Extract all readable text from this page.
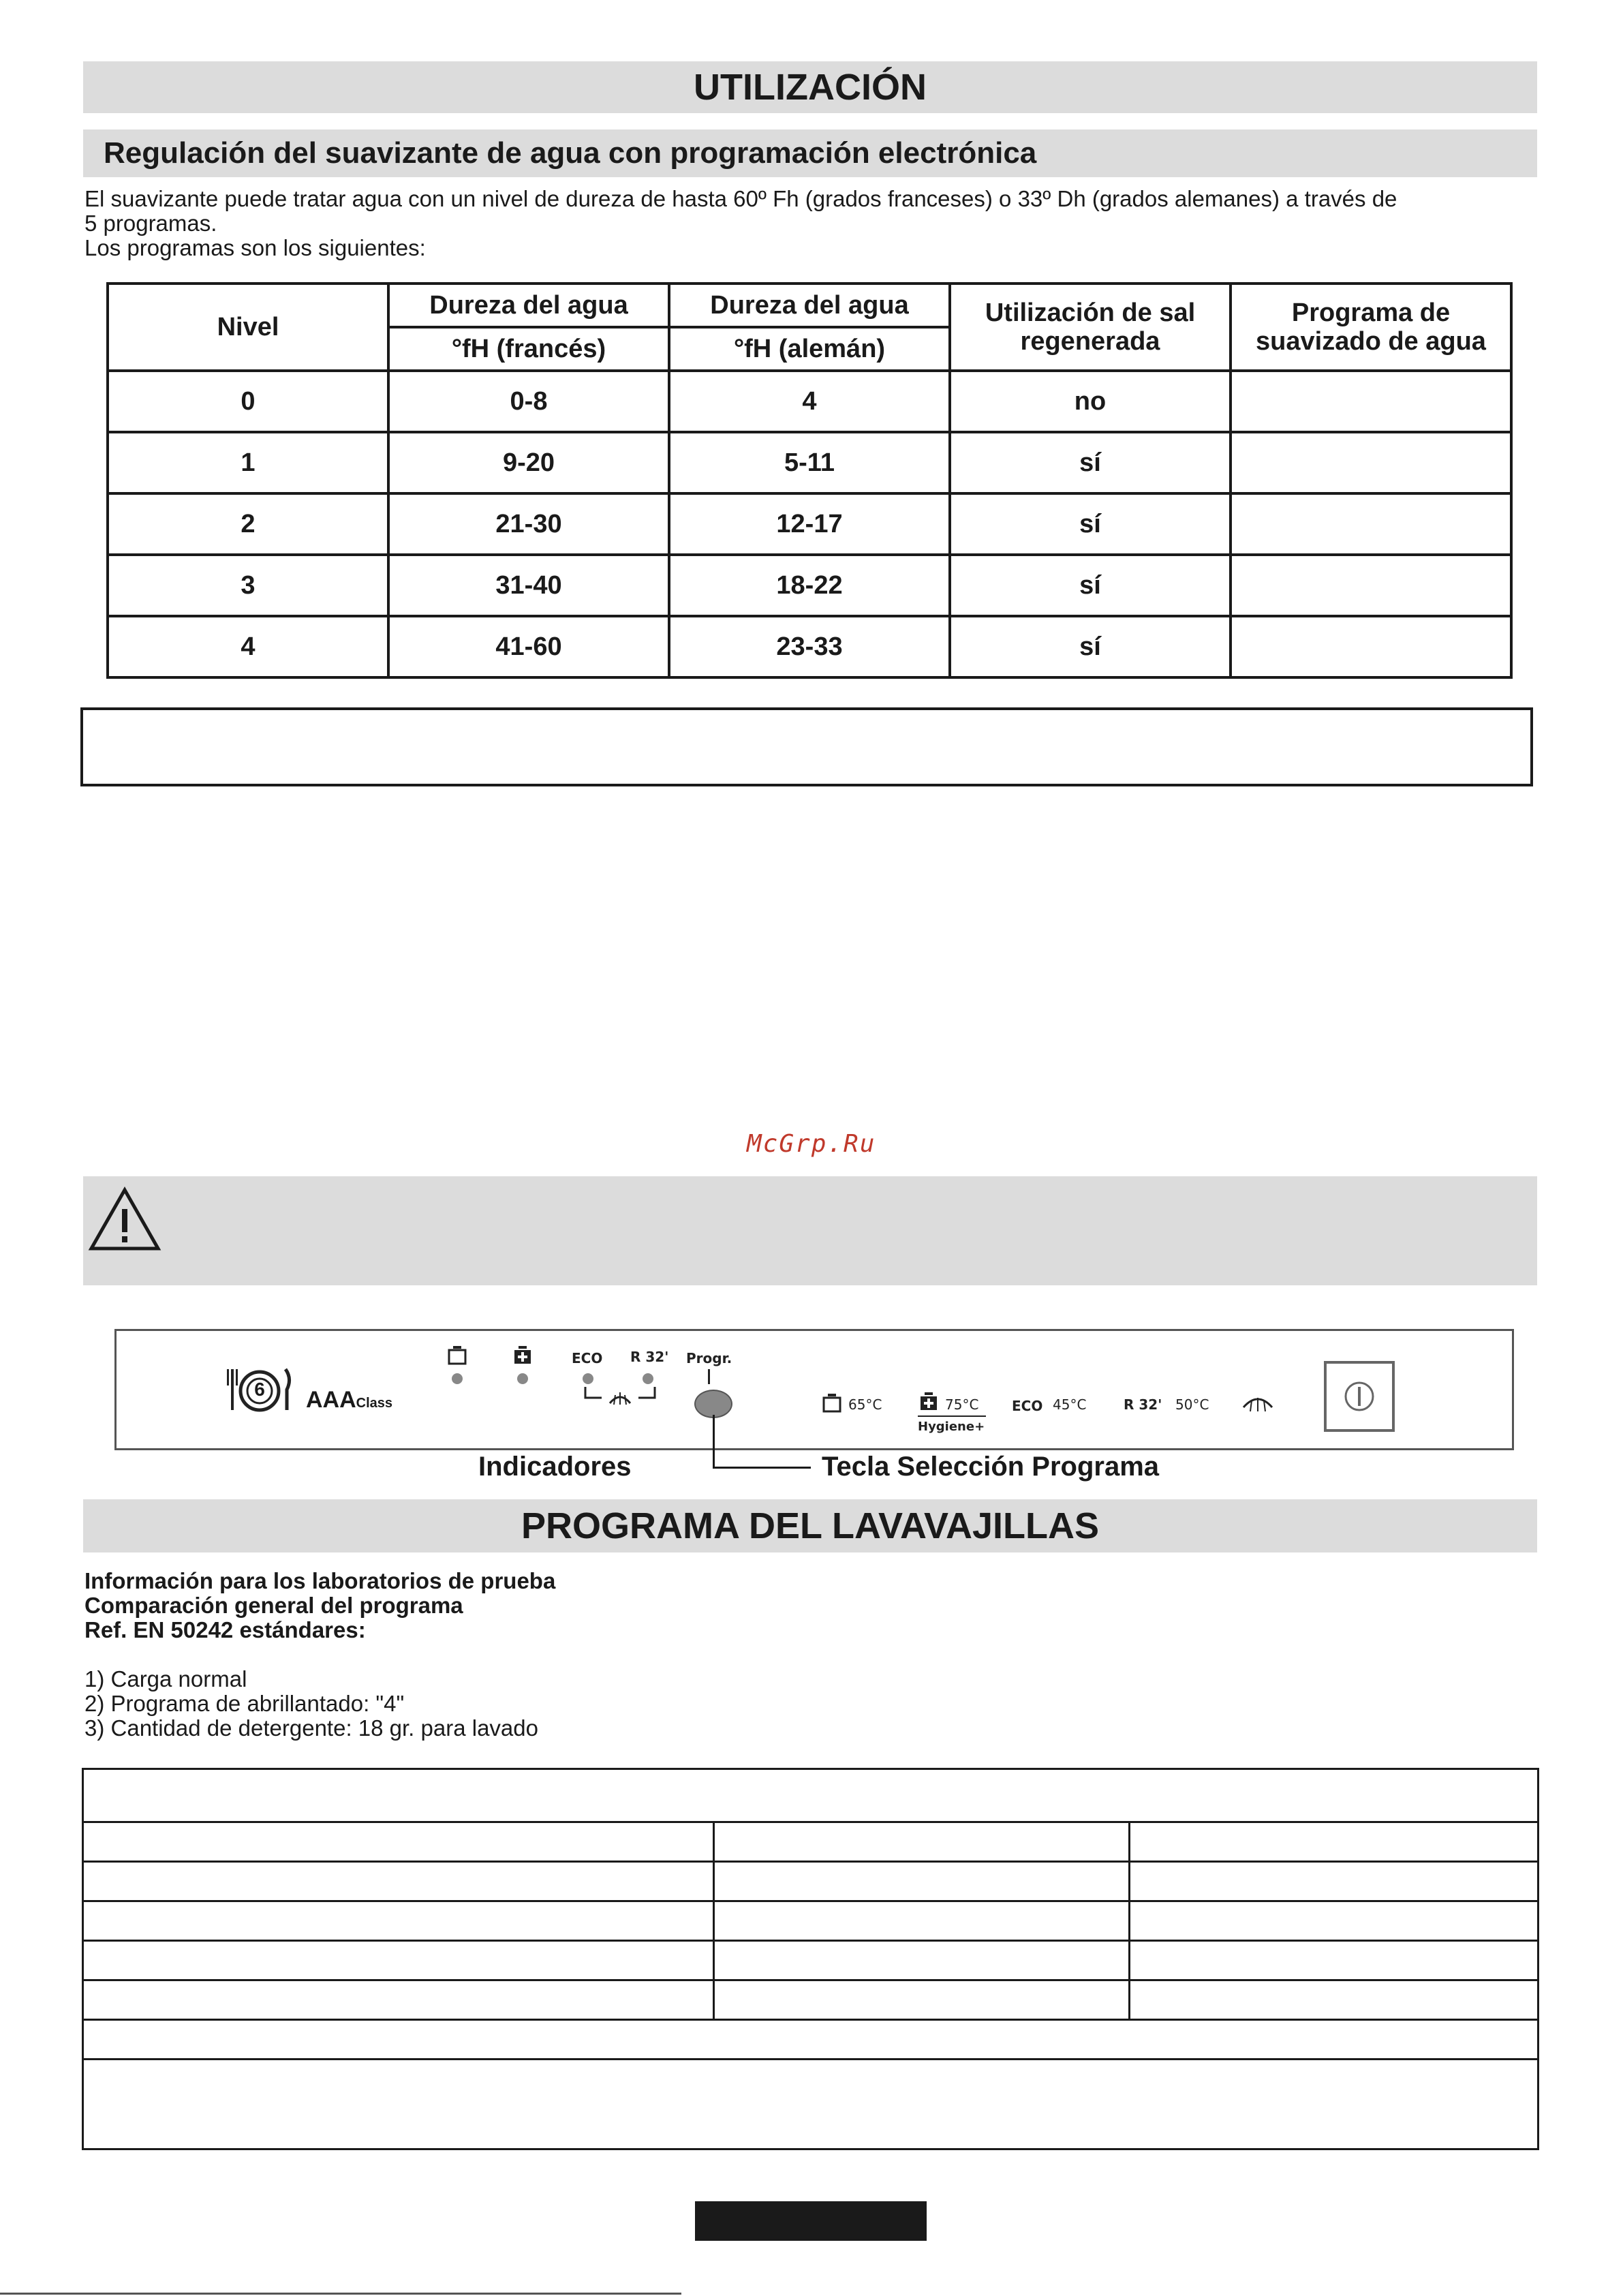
UTILIZACIÓN
Regulación del suavizante de agua con programación electrónica
El suavizante puede tratar agua con un nivel de dureza de hasta 60º Fh (grados franceses) o 33º Dh (grados alemanes) a través de
5 programas.
Los programas son los siguientes:
Nivel	Dureza del agua	Dureza del agua	Utilización de sal regenerada	Programa de suavizado de agua
	°fH (francés)	°fH (alemán)		
0	0-8	4	no	
1	9-20	5-11	sí	
2	21-30	12-17	sí	
3	31-40	18-22	sí	
4	41-60	23-33	sí	
McGrp.Ru
6 AAAClass
ECO R 32' Progr.
65°C	75°C
Hygiene+
ECO 45°C	R 32' 50°C
Indicadores	Tecla Selección Programa
PROGRAMA DEL LAVAVAJILLAS
Información para los laboratorios de prueba
Comparación general del programa
Ref. EN 50242 estándares:
1) Carga normal
2) Programa de abrillantado: "4"
3) Cantidad de detergente: 18 gr. para lavado
